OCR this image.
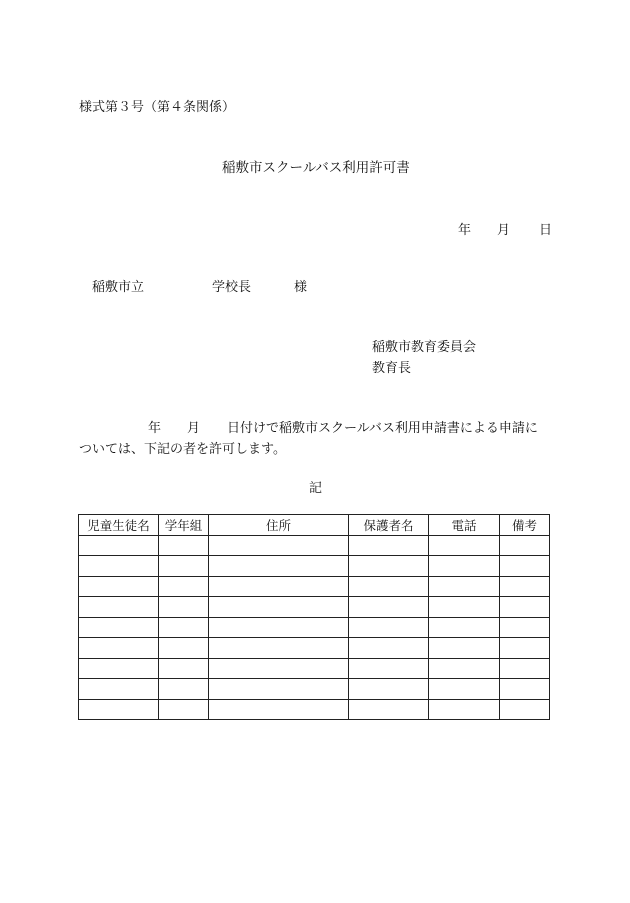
様式第３号（第４条関係）
稲敷市スクールバス利用許可書
年 月 日
稲敷市立	学校長	様
稲敷市教育委員会
教育長
年 月 日付けで稲敷市スクールバス利用申請書による申請に
ついては、下記の者を許可します。
記
児童生徒名	学年組	住所	保護者名	電話	備考
